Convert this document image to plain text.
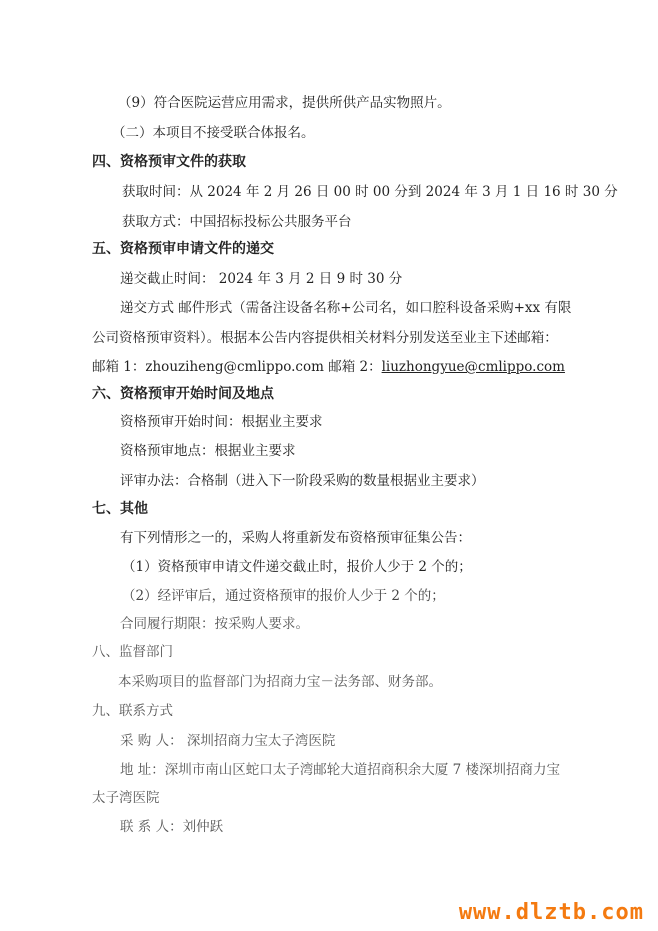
（9）符合医院运营应用需求，提供所供产品实物照片。
（二）本项目不接受联合体报名。
四、资格预审文件的获取
获取时间：从 2024 年 2 月 26 日 00 时 00 分到 2024 年 3 月 1 日 16 时 30 分
获取方式：中国招标投标公共服务平台
五、资格预审申请文件的递交
递交截止时间： 2024 年 3 月 2 日 9 时 30 分
递交方式 邮件形式（需备注设备名称+公司名，如口腔科设备采购+xx 有限
公司资格预审资料）。根据本公告内容提供相关材料分别发送至业主下述邮箱：
邮箱 1：zhouziheng@cmlippo.com 邮箱 2：liuzhongyue@cmlippo.com
六、资格预审开始时间及地点
资格预审开始时间：根据业主要求
资格预审地点：根据业主要求
评审办法：合格制（进入下一阶段采购的数量根据业主要求）
七、其他
有下列情形之一的，采购人将重新发布资格预审征集公告：
（1）资格预审申请文件递交截止时，报价人少于 2 个的；
（2）经评审后，通过资格预审的报价人少于 2 个的；
合同履行期限：按采购人要求。
八、监督部门
本采购项目的监督部门为招商力宝－法务部、财务部。
九、联系方式
采 购 人： 深圳招商力宝太子湾医院
地 址：深圳市南山区蛇口太子湾邮轮大道招商积余大厦 7 楼深圳招商力宝
太子湾医院
联 系 人：刘仲跃
www.dlztb.com
